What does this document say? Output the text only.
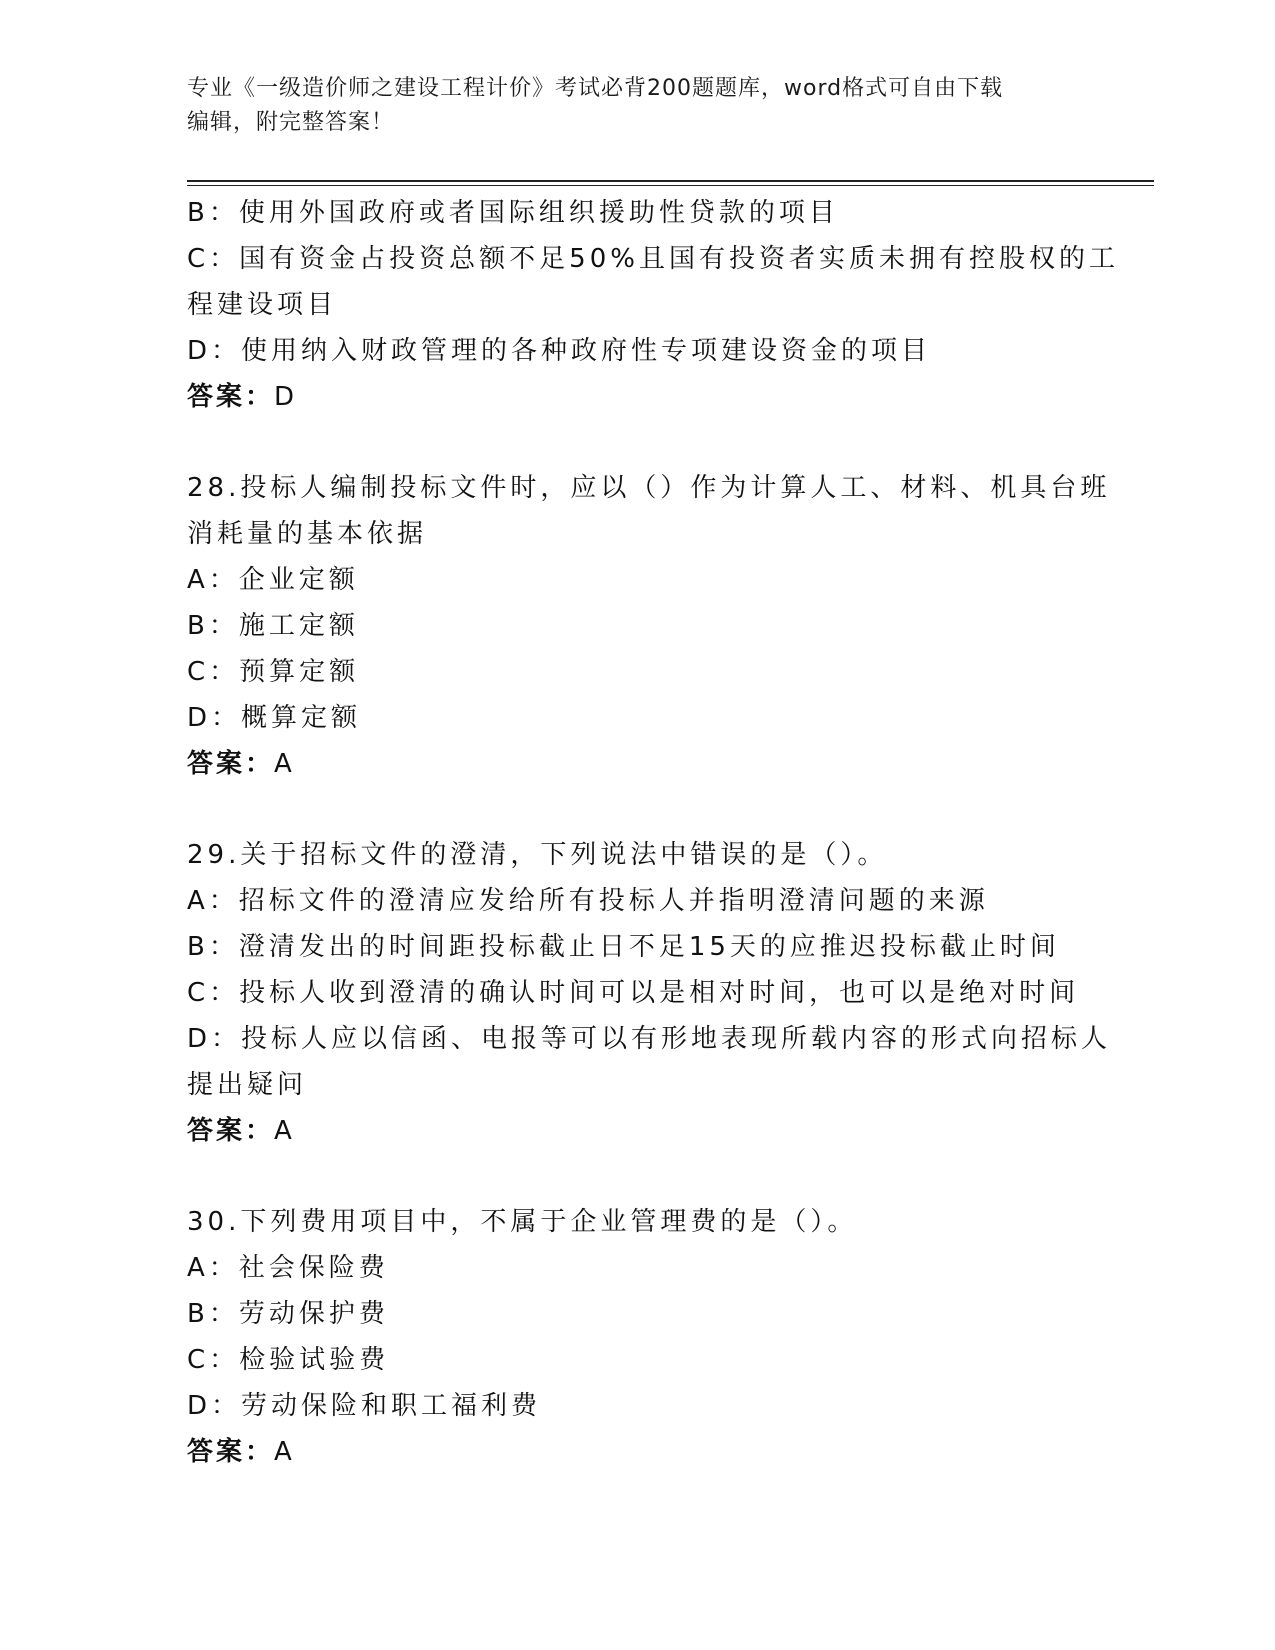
专业《一级造价师之建设工程计价》考试必背200题题库，word格式可自由下载
编辑，附完整答案！
B：使用外国政府或者国际组织援助性贷款的项目
C：国有资金占投资总额不足50%且国有投资者实质未拥有控股权的工
程建设项目
D：使用纳入财政管理的各种政府性专项建设资金的项目
答案：D
28.投标人编制投标文件时，应以（）作为计算人工、材料、机具台班
消耗量的基本依据
A：企业定额
B：施工定额
C：预算定额
D：概算定额
答案：A
29.关于招标文件的澄清，下列说法中错误的是（）。
A：招标文件的澄清应发给所有投标人并指明澄清问题的来源
B：澄清发出的时间距投标截止日不足15天的应推迟投标截止时间
C：投标人收到澄清的确认时间可以是相对时间，也可以是绝对时间
D：投标人应以信函、电报等可以有形地表现所载内容的形式向招标人
提出疑问
答案：A
30.下列费用项目中，不属于企业管理费的是（）。
A：社会保险费
B：劳动保护费
C：检验试验费
D：劳动保险和职工福利费
答案：A
